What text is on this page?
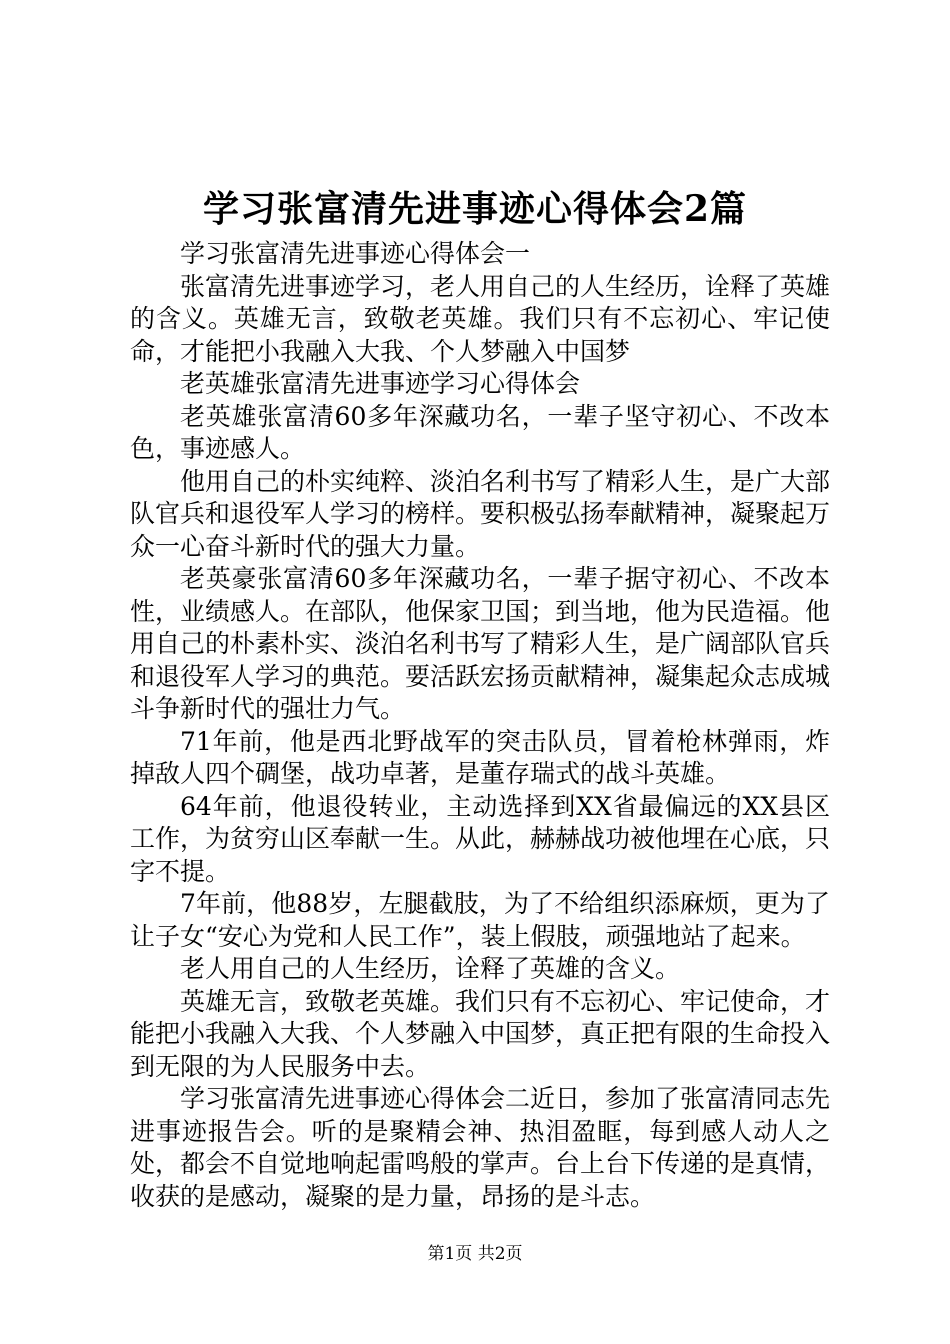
学习张富清先进事迹心得体会2篇

学习张富清先进事迹心得体会一

张富清先进事迹学习，老人用自己的人生经历，诠释了英雄的含义。英雄无言，致敬老英雄。我们只有不忘初心、牢记使命，才能把小我融入大我、个人梦融入中国梦

老英雄张富清先进事迹学习心得体会

老英雄张富清60多年深藏功名，一辈子坚守初心、不改本色，事迹感人。

他用自己的朴实纯粹、淡泊名利书写了精彩人生，是广大部队官兵和退役军人学习的榜样。要积极弘扬奉献精神，凝聚起万众一心奋斗新时代的强大力量。

老英豪张富清60多年深藏功名，一辈子据守初心、不改本性，业绩感人。在部队，他保家卫国；到当地，他为民造福。他用自己的朴素朴实、淡泊名利书写了精彩人生，是广阔部队官兵和退役军人学习的典范。要活跃宏扬贡献精神，凝集起众志成城斗争新时代的强壮力气。

71年前，他是西北野战军的突击队员，冒着枪林弹雨，炸掉敌人四个碉堡，战功卓著，是董存瑞式的战斗英雄。

64年前，他退役转业，主动选择到XX省最偏远的XX县区工作，为贫穷山区奉献一生。从此，赫赫战功被他埋在心底，只字不提。

7年前，他88岁，左腿截肢，为了不给组织添麻烦，更为了让子女“安心为党和人民工作”，装上假肢，顽强地站了起来。

老人用自己的人生经历，诠释了英雄的含义。

英雄无言，致敬老英雄。我们只有不忘初心、牢记使命，才能把小我融入大我、个人梦融入中国梦，真正把有限的生命投入到无限的为人民服务中去。

学习张富清先进事迹心得体会二近日，参加了张富清同志先进事迹报告会。听的是聚精会神、热泪盈眶，每到感人动人之处，都会不自觉地响起雷鸣般的掌声。台上台下传递的是真情，收获的是感动，凝聚的是力量，昂扬的是斗志。

第1页 共2页
